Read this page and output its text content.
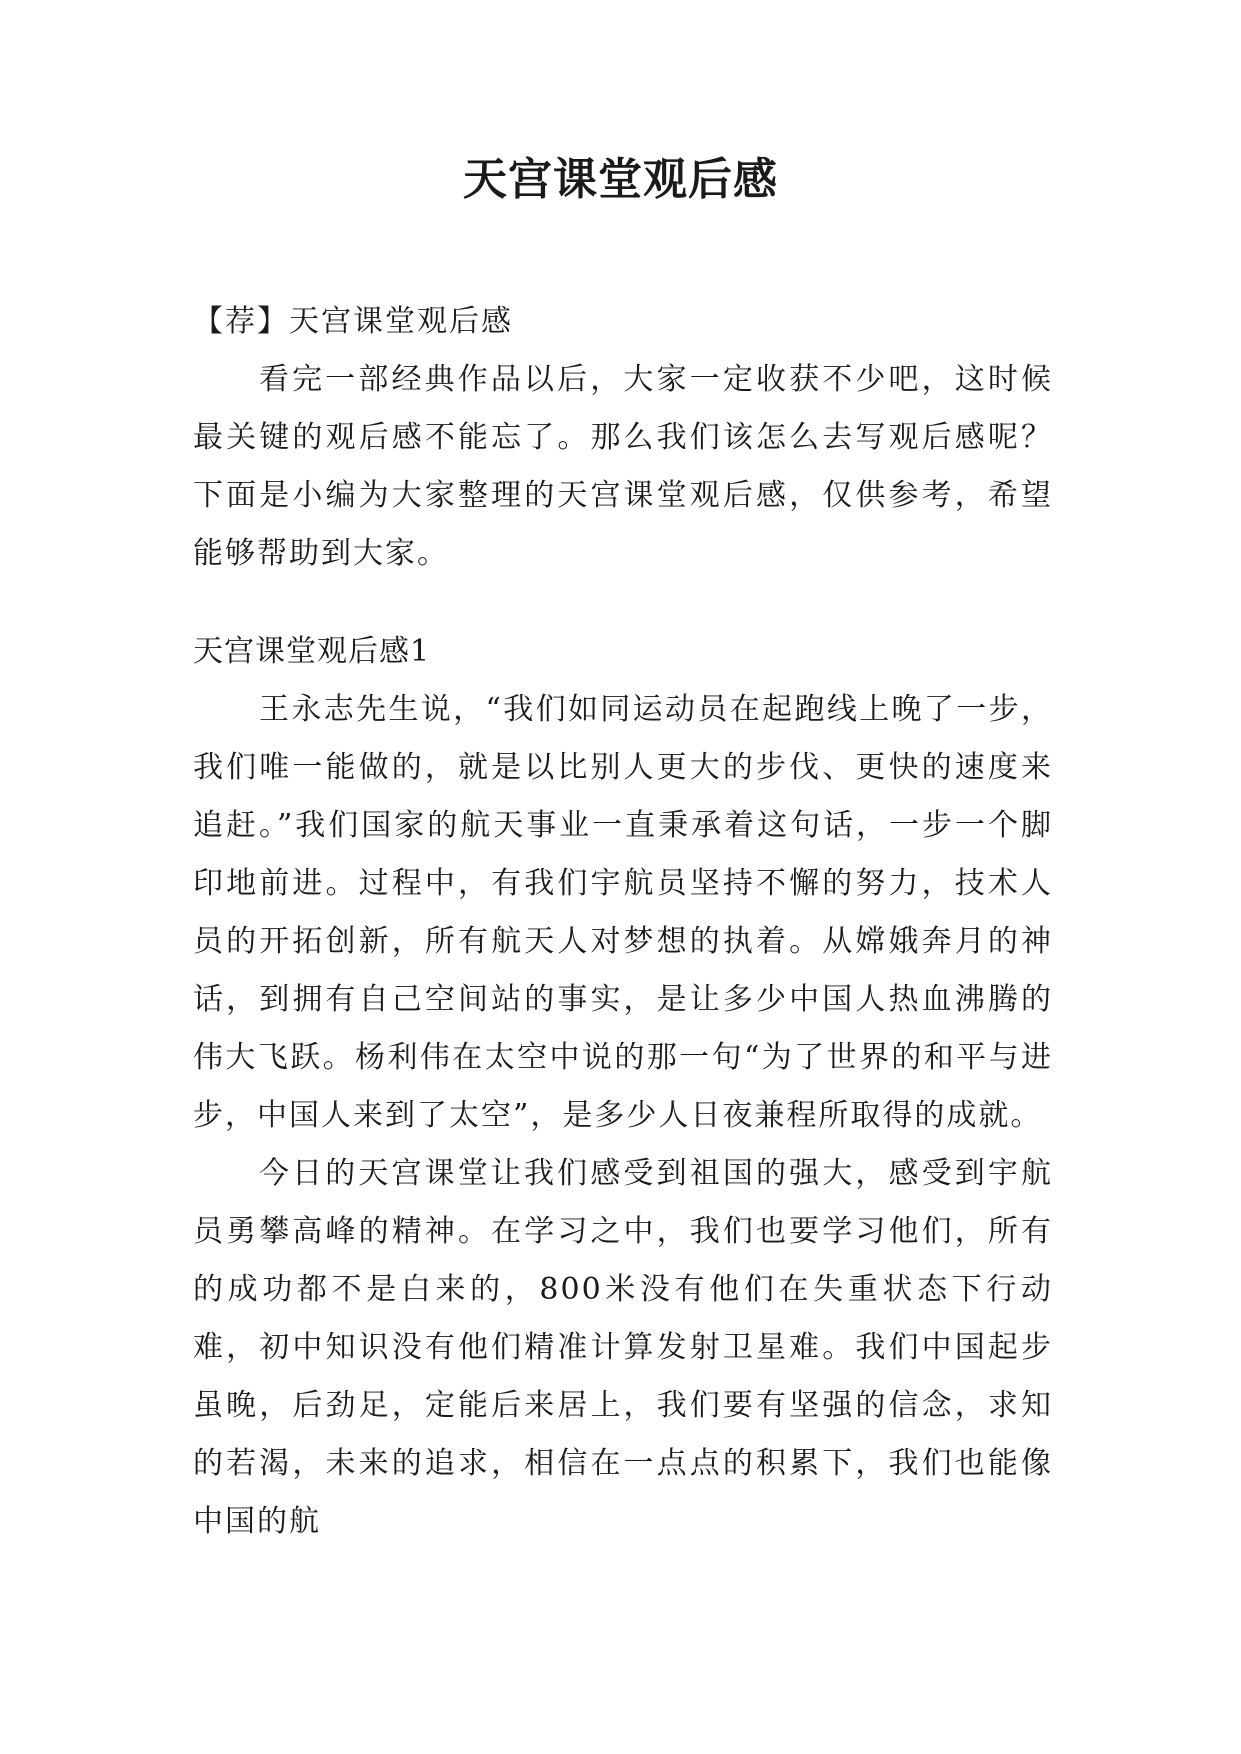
天宫课堂观后感

【荐】天宫课堂观后感

看完一部经典作品以后，大家一定收获不少吧，这时候最关键的观后感不能忘了。那么我们该怎么去写观后感呢？下面是小编为大家整理的天宫课堂观后感，仅供参考，希望能够帮助到大家。

天宫课堂观后感1

王永志先生说，“我们如同运动员在起跑线上晚了一步，我们唯一能做的，就是以比别人更大的步伐、更快的速度来追赶。”我们国家的航天事业一直秉承着这句话，一步一个脚印地前进。过程中，有我们宇航员坚持不懈的努力，技术人员的开拓创新，所有航天人对梦想的执着。从嫦娥奔月的神话，到拥有自己空间站的事实，是让多少中国人热血沸腾的伟大飞跃。杨利伟在太空中说的那一句“为了世界的和平与进步，中国人来到了太空”，是多少人日夜兼程所取得的成就。

今日的天宫课堂让我们感受到祖国的强大，感受到宇航员勇攀高峰的精神。在学习之中，我们也要学习他们，所有的成功都不是白来的，800米没有他们在失重状态下行动难，初中知识没有他们精准计算发射卫星难。我们中国起步虽晚，后劲足，定能后来居上，我们要有坚强的信念，求知的若渴，未来的追求，相信在一点点的积累下，我们也能像中国的航
